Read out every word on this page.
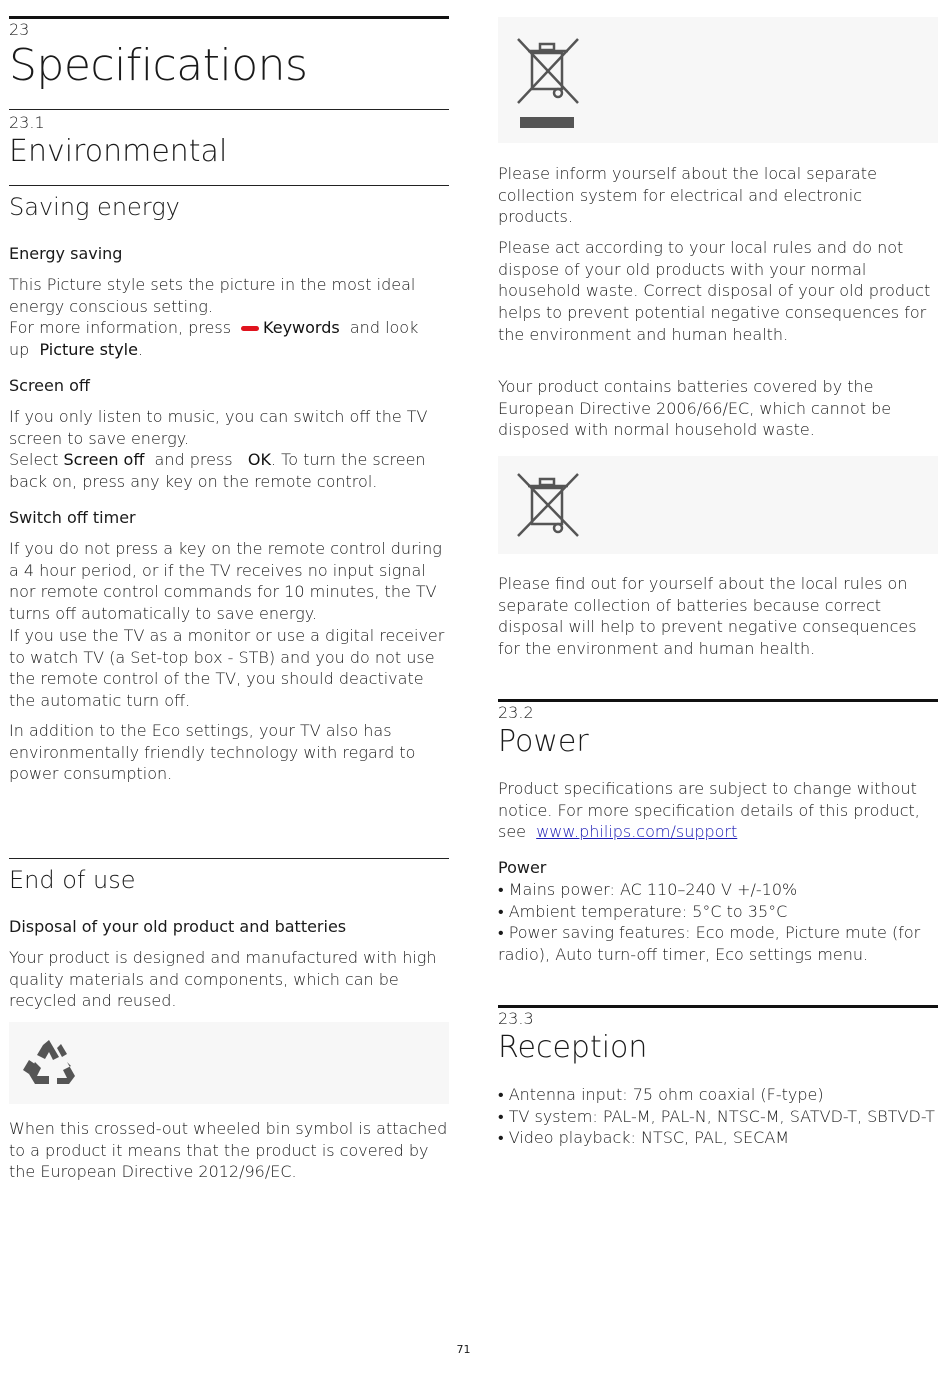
23
Specifications
23.1
Environmental
Saving energy
Energy saving
This Picture style sets the picture in the most ideal energy conscious setting.
For more information, press Keywords and look up Picture style.
Screen off
If you only listen to music, you can switch off the TV screen to save energy.
Select Screen off and press OK. To turn the screen back on, press any key on the remote control.
Switch off timer
If you do not press a key on the remote control during a 4 hour period, or if the TV receives no input signal nor remote control commands for 10 minutes, the TV turns off automatically to save energy.
If you use the TV as a monitor or use a digital receiver to watch TV (a Set-top box - STB) and you do not use the remote control of the TV, you should deactivate the automatic turn off.
In addition to the Eco settings, your TV also has environmentally friendly technology with regard to power consumption.
End of use
Disposal of your old product and batteries
Your product is designed and manufactured with high quality materials and components, which can be recycled and reused.
When this crossed-out wheeled bin symbol is attached to a product it means that the product is covered by the European Directive 2012/96/EC.
Please inform yourself about the local separate collection system for electrical and electronic products.
Please act according to your local rules and do not dispose of your old products with your normal household waste. Correct disposal of your old product helps to prevent potential negative consequences for the environment and human health.
Your product contains batteries covered by the European Directive 2006/66/EC, which cannot be disposed with normal household waste.
Please find out for yourself about the local rules on separate collection of batteries because correct disposal will help to prevent negative consequences for the environment and human health.
23.2
Power
Product specifications are subject to change without notice. For more specification details of this product, see www.philips.com/support
Power
• Mains power: AC 110–240 V +/-10%
• Ambient temperature: 5°C to 35°C
• Power saving features: Eco mode, Picture mute (for radio), Auto turn-off timer, Eco settings menu.
23.3
Reception
• Antenna input: 75 ohm coaxial (F-type)
• TV system: PAL-M, PAL-N, NTSC-M, SATVD-T, SBTVD-T
• Video playback: NTSC, PAL, SECAM
71
